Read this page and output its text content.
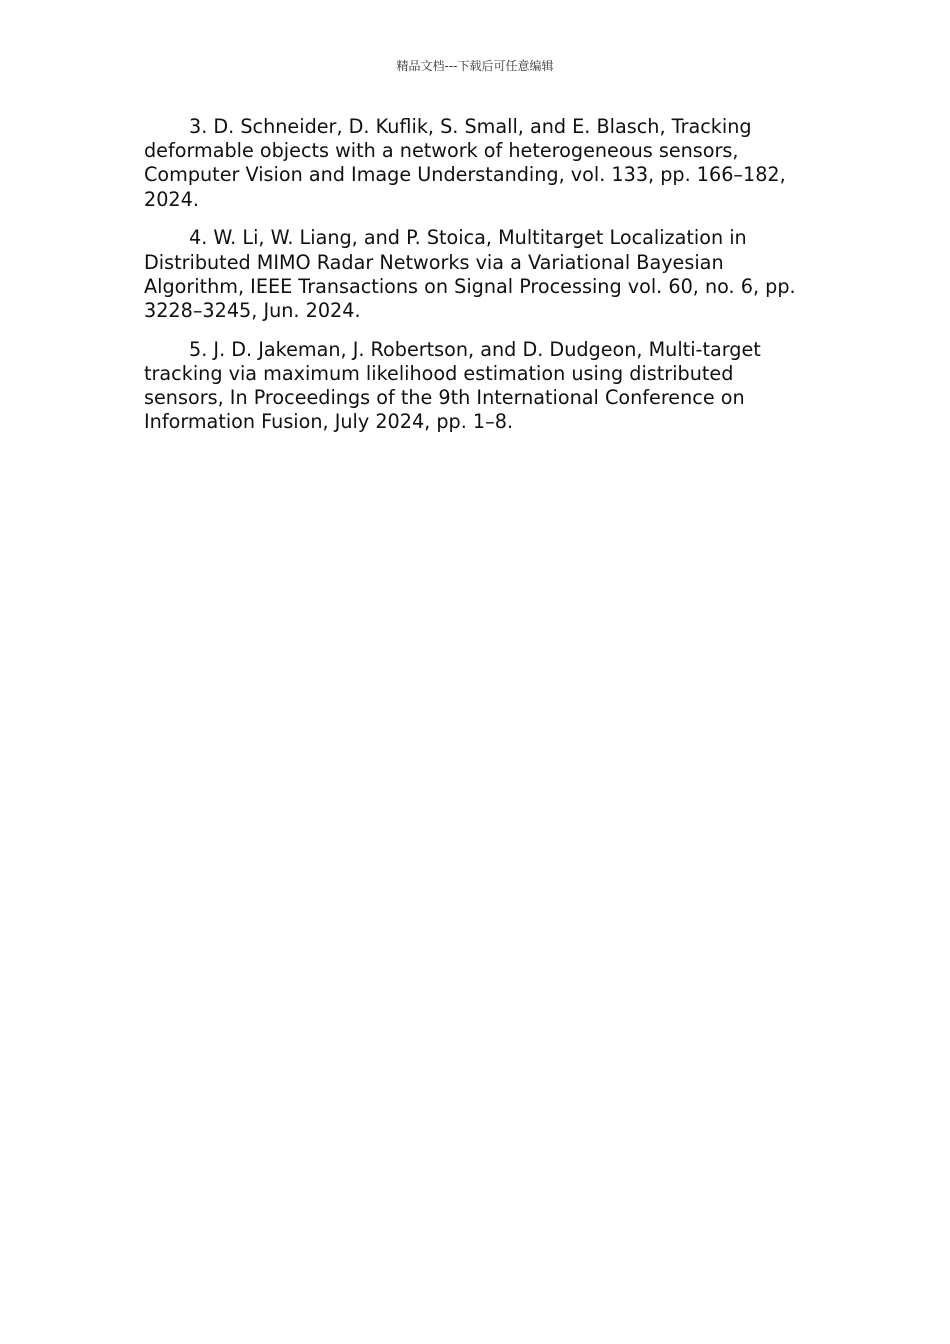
精品文档---下载后可任意编辑

3. D. Schneider, D. Kuflik, S. Small, and E. Blasch, Tracking deformable objects with a network of heterogeneous sensors, Computer Vision and Image Understanding, vol. 133, pp. 166–182, 2024.

4. W. Li, W. Liang, and P. Stoica, Multitarget Localization in Distributed MIMO Radar Networks via a Variational Bayesian Algorithm, IEEE Transactions on Signal Processing vol. 60, no. 6, pp. 3228–3245, Jun. 2024.

5. J. D. Jakeman, J. Robertson, and D. Dudgeon, Multi-target tracking via maximum likelihood estimation using distributed sensors, In Proceedings of the 9th International Conference on Information Fusion, July 2024, pp. 1–8.
